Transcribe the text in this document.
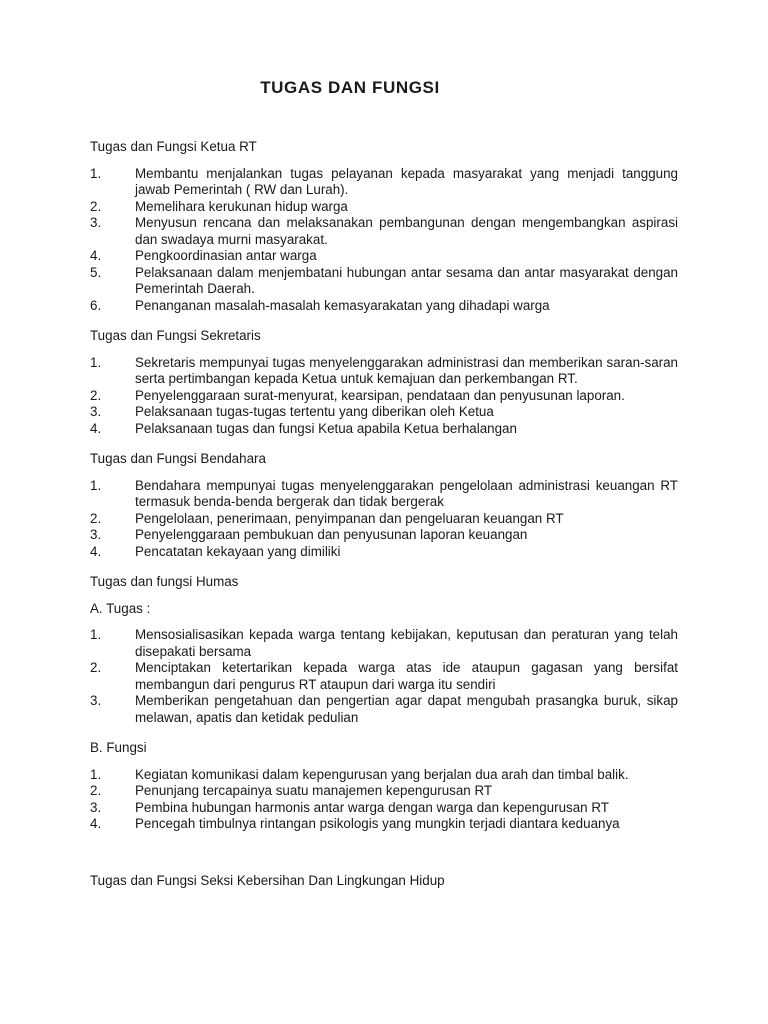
TUGAS DAN FUNGSI
Tugas dan Fungsi Ketua RT
1.	Membantu menjalankan tugas pelayanan kepada masyarakat yang menjadi tanggung jawab Pemerintah ( RW dan Lurah).
2.	Memelihara kerukunan hidup warga
3.	Menyusun rencana dan melaksanakan pembangunan dengan mengembangkan aspirasi dan swadaya murni masyarakat.
4.	Pengkoordinasian antar warga
5.	Pelaksanaan dalam menjembatani hubungan antar sesama dan antar masyarakat dengan Pemerintah Daerah.
6.	Penanganan masalah-masalah kemasyarakatan yang dihadapi warga
Tugas dan Fungsi Sekretaris
1.	Sekretaris mempunyai tugas menyelenggarakan administrasi dan memberikan saran-saran serta pertimbangan kepada Ketua untuk kemajuan dan perkembangan RT.
2.	Penyelenggaraan surat-menyurat, kearsipan, pendataan dan penyusunan laporan.
3.	Pelaksanaan tugas-tugas tertentu yang diberikan oleh Ketua
4.	Pelaksanaan tugas dan fungsi Ketua apabila Ketua berhalangan
Tugas dan Fungsi Bendahara
1.	Bendahara mempunyai tugas menyelenggarakan pengelolaan administrasi keuangan RT termasuk benda-benda bergerak dan tidak bergerak
2.	Pengelolaan, penerimaan, penyimpanan dan pengeluaran keuangan RT
3.	Penyelenggaraan pembukuan dan penyusunan laporan keuangan
4.	Pencatatan kekayaan yang dimiliki
Tugas dan fungsi Humas
A. Tugas :
1.	Mensosialisasikan kepada warga tentang kebijakan, keputusan dan peraturan yang telah disepakati bersama
2.	Menciptakan ketertarikan kepada warga atas ide ataupun gagasan yang bersifat membangun dari pengurus RT ataupun dari warga itu sendiri
3.	Memberikan pengetahuan dan pengertian agar dapat mengubah prasangka buruk, sikap melawan, apatis dan ketidak pedulian
B. Fungsi
1.	Kegiatan komunikasi dalam kepengurusan yang berjalan dua arah dan timbal balik.
2.	Penunjang tercapainya suatu manajemen kepengurusan RT
3.	Pembina hubungan harmonis antar warga dengan warga dan kepengurusan RT
4.	Pencegah timbulnya rintangan psikologis yang mungkin terjadi diantara keduanya
Tugas dan Fungsi Seksi Kebersihan Dan Lingkungan Hidup
